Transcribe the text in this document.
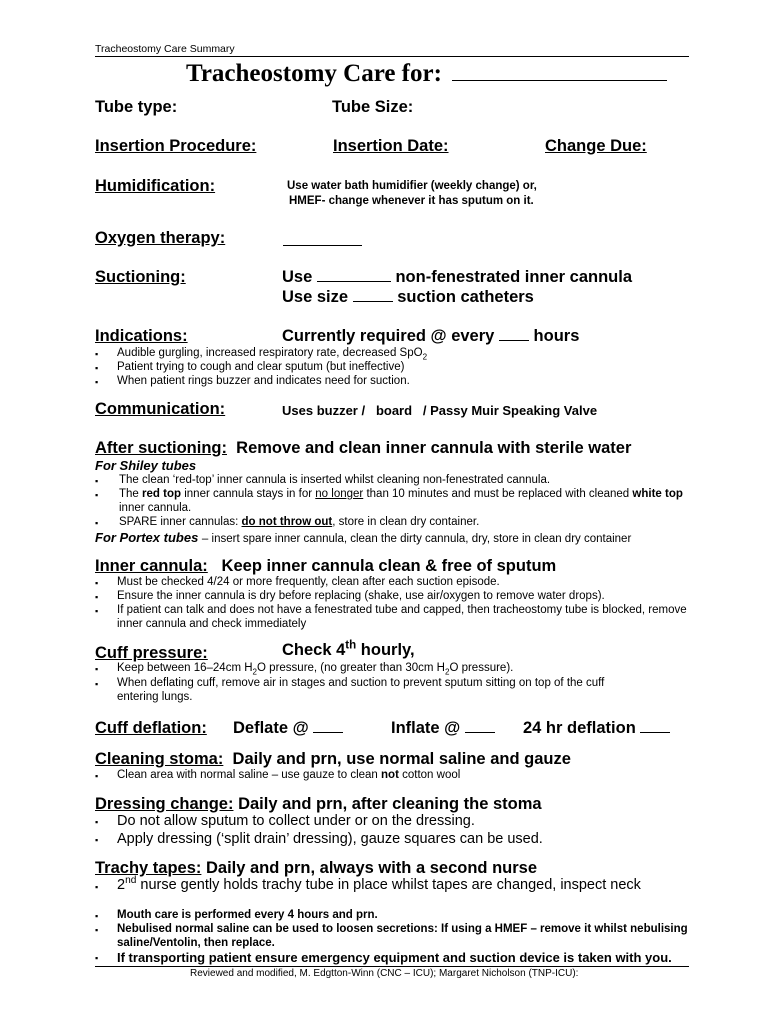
Tracheostomy Care Summary
Tracheostomy Care for:
Tube type:	Tube Size:
Insertion Procedure:	Insertion Date:	Change Due:
Humidification:	Use water bath humidifier (weekly change) or,
HMEF- change whenever it has sputum on it.
Oxygen therapy:
Suctioning:	Use	non-fenestrated inner cannula
Use size	suction catheters
Indications:	Currently required @ every hours
▪ Audible gurgling, increased respiratory rate, decreased SpO$_2$
▪ Patient trying to cough and clear sputum (but ineffective)
▪ When patient rings buzzer and indicates need for suction.
Communication:	Uses buzzer / board / Passy Muir Speaking Valve
After suctioning: Remove and clean inner cannula with sterile water
For Shiley tubes
▪ The clean ‘red-top’ inner cannula is inserted whilst cleaning non-fenestrated cannula.
▪ The red top inner cannula stays in for no longer than 10 minutes and must be replaced with cleaned white top
inner cannula.
▪ SPARE inner cannulas: do not throw out, store in clean dry container.
For Portex tubes – insert spare inner cannula, clean the dirty cannula, dry, store in clean dry container
Inner cannula: Keep inner cannula clean & free of sputum
▪ Must be checked 4/24 or more frequently, clean after each suction episode.
▪ Ensure the inner cannula is dry before replacing (shake, use air/oxygen to remove water drops).
▪ If patient can talk and does not have a fenestrated tube and capped, then tracheostomy tube is blocked, remove
inner cannula and check immediately
Cuff pressure:	Check 4th hourly,
▪ Keep between 16–24cm $H_2O$ pressure, (no greater than 30cm $H_2O$ pressure).
▪ When deflating cuff, remove air in stages and suction to prevent sputum sitting on top of the cuff
entering lungs.
Cuff deflation: Deflate @	Inflate @	24 hr deflation
Cleaning stoma: Daily and prn, use normal saline and gauze
▪ Clean area with normal saline – use gauze to clean not cotton wool
Dressing change: Daily and prn, after cleaning the stoma
▪ Do not allow sputum to collect under or on the dressing.
▪ Apply dressing (‘split drain’ dressing), gauze squares can be used.
Trachy tapes: Daily and prn, always with a second nurse
▪ 2nd nurse gently holds trachy tube in place whilst tapes are changed, inspect neck
▪ Mouth care is performed every 4 hours and prn.
▪ Nebulised normal saline can be used to loosen secretions: If using a HMEF – remove it whilst nebulising
saline/Ventolin, then replace.
▪ If transporting patient ensure emergency equipment and suction device is taken with you.
Reviewed and modified, M. Edgtton-Winn (CNC – ICU); Margaret Nicholson (TNP-ICU):
